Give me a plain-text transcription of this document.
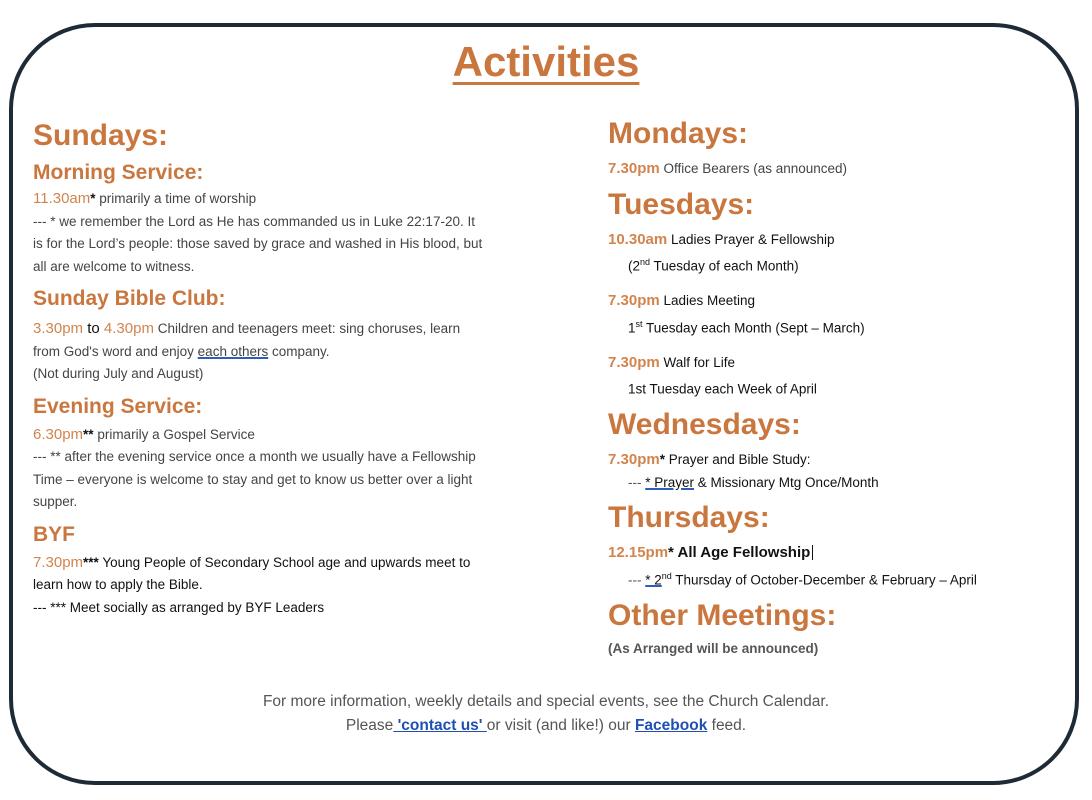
Activities
Sundays:
Morning Service:
11.30am* primarily a time of worship
--- * we remember the Lord as He has commanded us in Luke 22:17-20. It is for the Lord’s people: those saved by grace and washed in His blood, but all are welcome to witness.
Sunday Bible Club:
3.30pm to 4.30pm Children and teenagers meet: sing choruses, learn from God's word and enjoy each others company.
(Not during July and August)
Evening Service:
6.30pm** primarily a Gospel Service
--- ** after the evening service once a month we usually have a Fellowship Time – everyone is welcome to stay and get to know us better over a light supper.
BYF
7.30pm*** Young People of Secondary School age and upwards meet to learn how to apply the Bible.
--- *** Meet socially as arranged by BYF Leaders
Mondays:
7.30pm Office Bearers (as announced)
Tuesdays:
10.30am Ladies Prayer & Fellowship
(2nd Tuesday of each Month)
7.30pm Ladies Meeting
1st Tuesday each Month (Sept – March)
7.30pm Walf for Life
1st Tuesday each Week of April
Wednesdays:
7.30pm* Prayer and Bible Study:
--- * Prayer & Missionary Mtg Once/Month
Thursdays:
12.15pm* All Age Fellowship
--- * 2nd Thursday of October-December & February – April
Other Meetings:
(As Arranged will be announced)
For more information, weekly details and special events, see the Church Calendar.
Please 'contact us' or visit (and like!) our Facebook feed.
